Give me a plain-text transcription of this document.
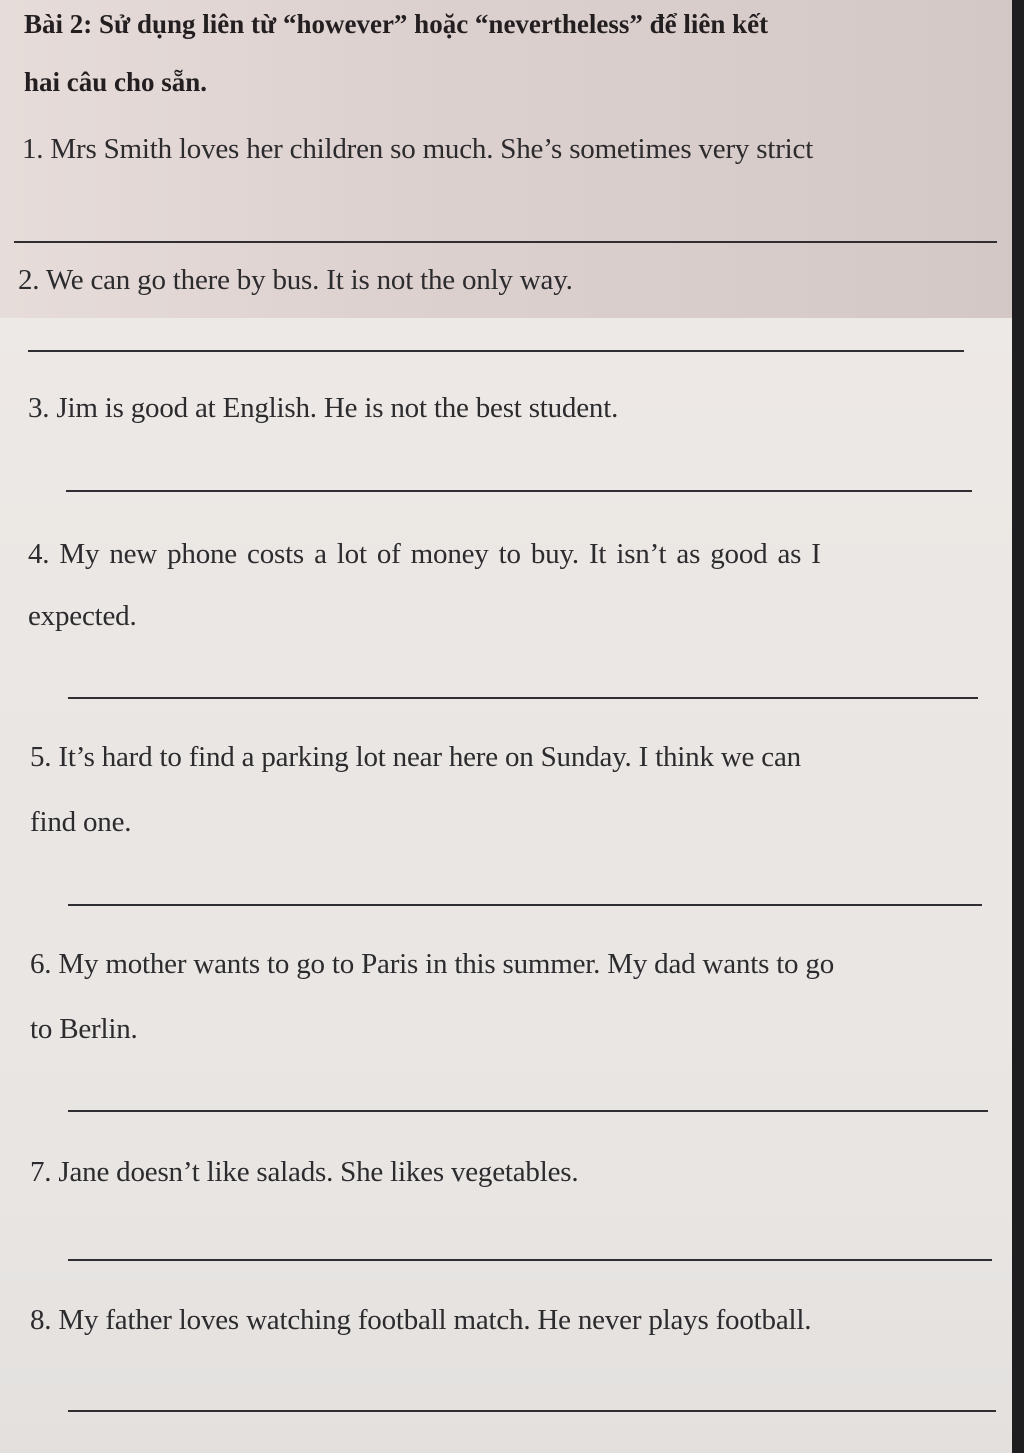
Bài 2: Sử dụng liên từ “however” hoặc “nevertheless” để liên kết
hai câu cho sẵn.
1. Mrs Smith loves her children so much. She’s sometimes very strict
2. We can go there by bus. It is not the only way.
3. Jim is good at English. He is not the best student.
4. My new phone costs a lot of money to buy. It isn’t as good as I
expected.
5. It’s hard to find a parking lot near here on Sunday. I think we can
find one.
6. My mother wants to go to Paris in this summer. My dad wants to go
to Berlin.
7. Jane doesn’t like salads. She likes vegetables.
8. My father loves watching football match. He never plays football.
